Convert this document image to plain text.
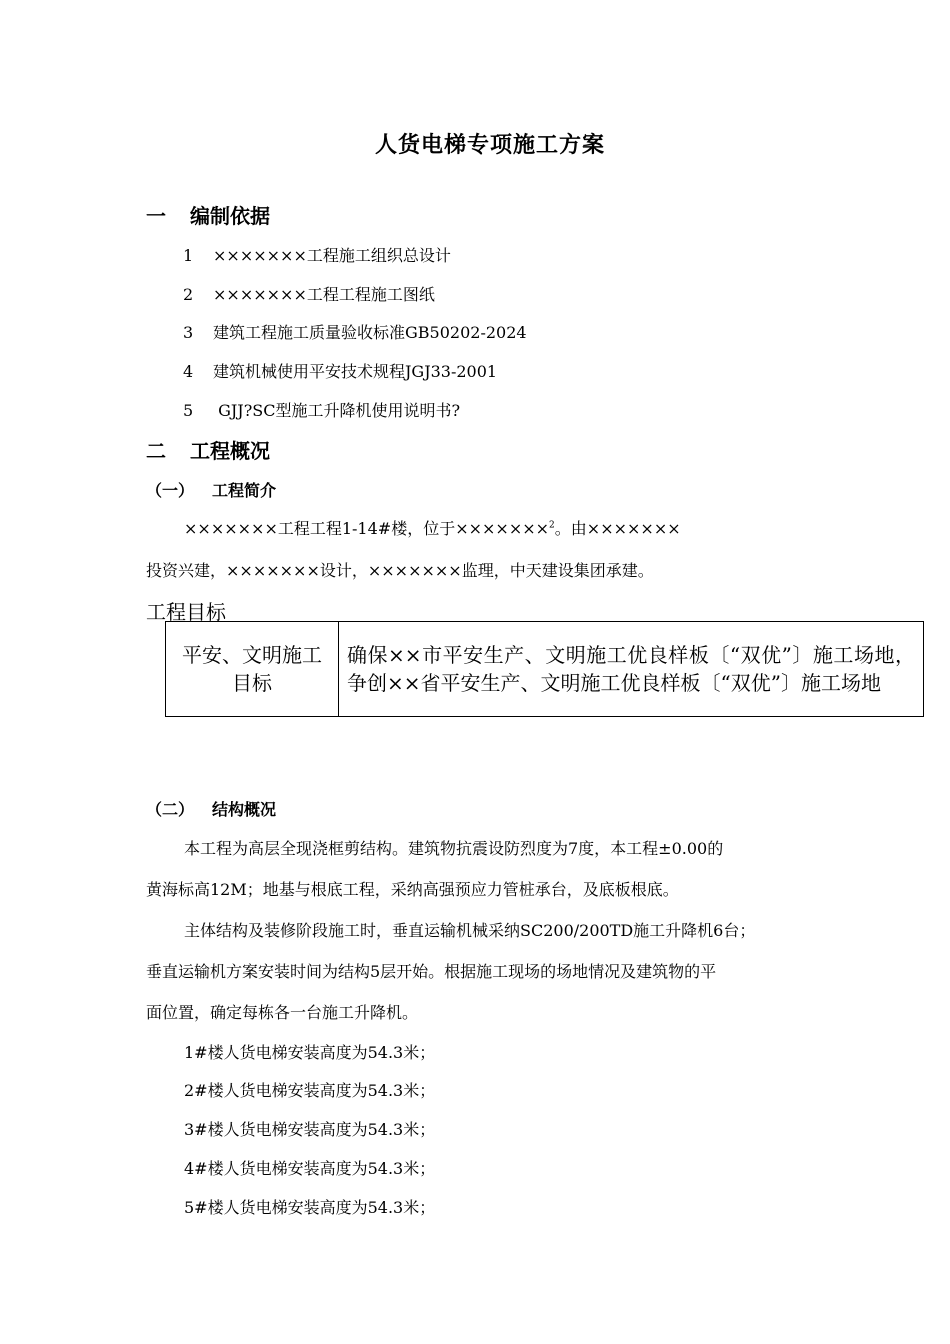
人货电梯专项施工方案
一 编制依据
1 ×××××××工程施工组织总设计
2 ×××××××工程工程施工图纸
3 建筑工程施工质量验收标准GB50202-2024
4 建筑机械使用平安技术规程JGJ33-2001
5 GJJ?SC型施工升降机使用说明书?
二 工程概况
（一） 工程简介
×××××××工程工程1-14#楼，位于×××××××$^2$。由×××××××
投资兴建，×××××××设计，×××××××监理，中天建设集团承建。
工程目标
平安、文明施工目标	确保××市平安生产、文明施工优良样板〔“双优”〕施工场地，争创××省平安生产、文明施工优良样板〔“双优”〕施工场地
（二） 结构概况
本工程为高层全现浇框剪结构。建筑物抗震设防烈度为7度，本工程±0.00的
黄海标高12M；地基与根底工程，采纳高强预应力管桩承台，及底板根底。
主体结构及装修阶段施工时，垂直运输机械采纳SC200/200TD施工升降机6台；
垂直运输机方案安装时间为结构5层开始。根据施工现场的场地情况及建筑物的平
面位置，确定每栋各一台施工升降机。
1#楼人货电梯安装高度为54.3米；
2#楼人货电梯安装高度为54.3米；
3#楼人货电梯安装高度为54.3米；
4#楼人货电梯安装高度为54.3米；
5#楼人货电梯安装高度为54.3米；
